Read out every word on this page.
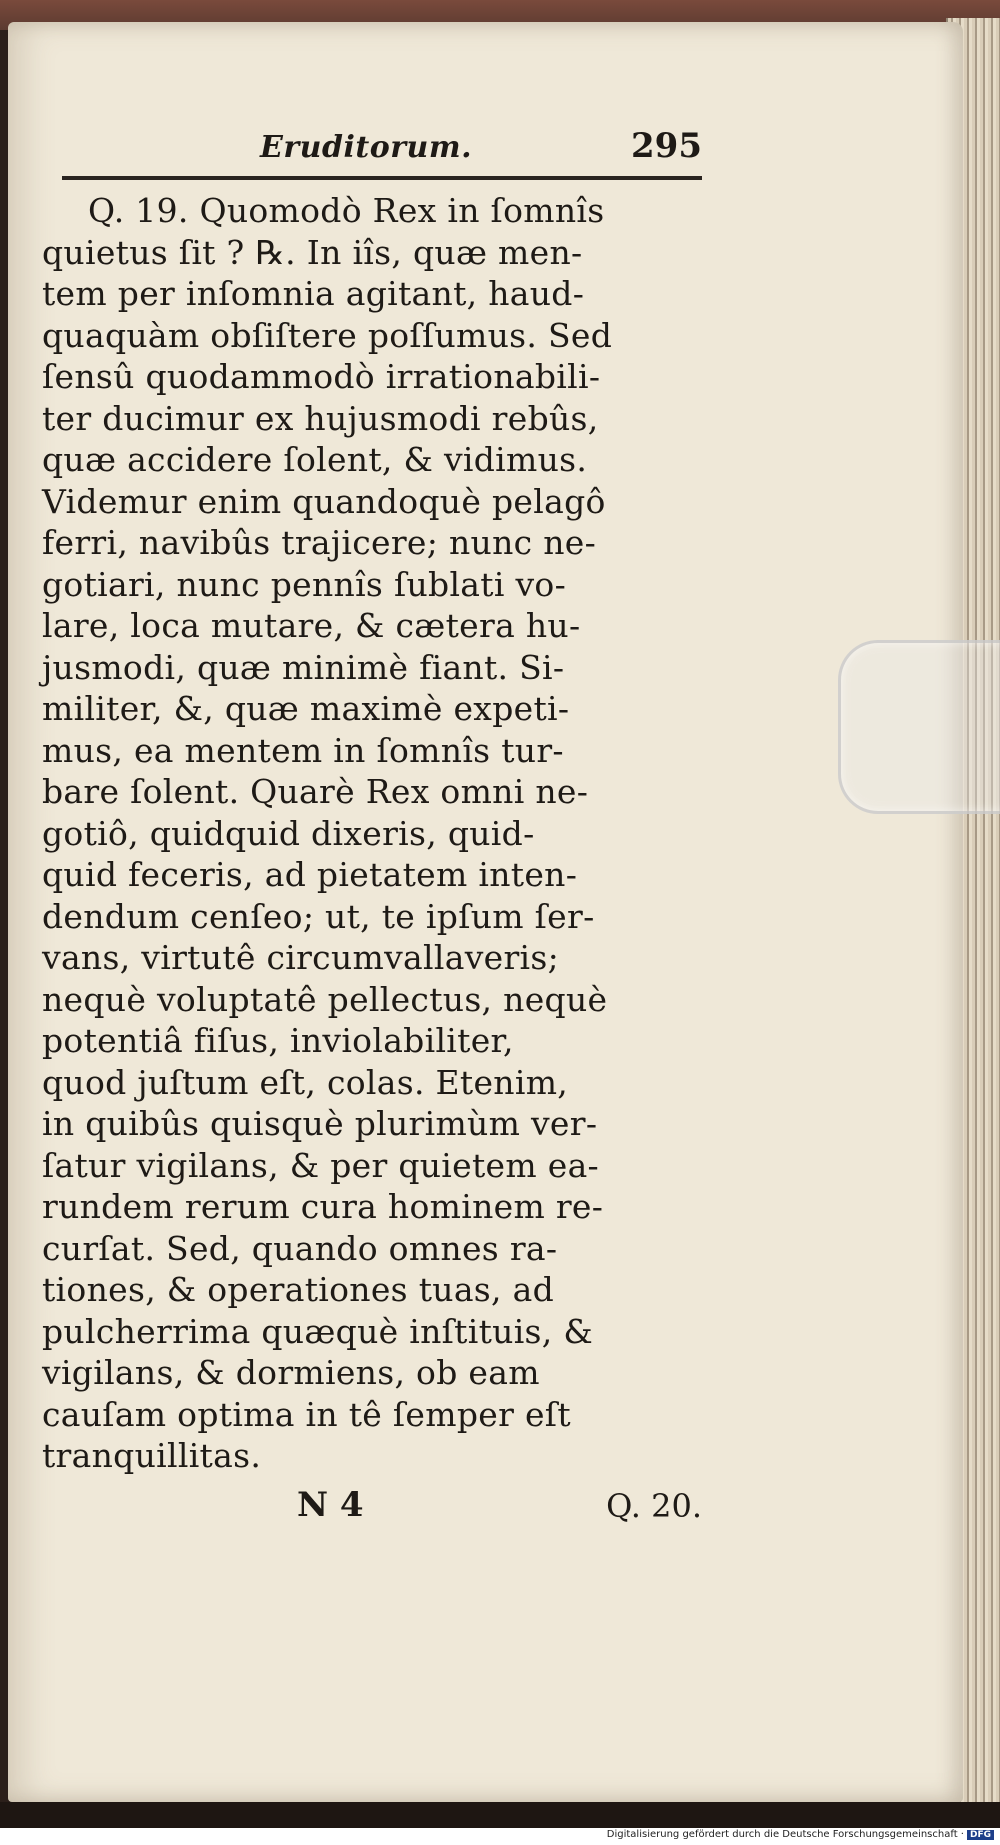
Eruditorum.	295
Q. 19. Quomodò Rex in ſomnîs
quietus ſit ? ℞. In iîs, quæ men-
tem per inſomnia agitant, haud-
quaquàm obſiſtere poſſumus. Sed
ſensû quodammodò irrationabili-
ter ducimur ex hujusmodi rebûs,
quæ accidere ſolent, & vidimus.
Videmur enim quandoquè pelagô
ferri, navibûs trajicere; nunc ne-
gotiari, nunc pennîs ſublati vo-
lare, loca mutare, & cætera hu-
jusmodi, quæ minimè fiant. Si-
militer, &, quæ maximè expeti-
mus, ea mentem in ſomnîs tur-
bare ſolent. Quarè Rex omni ne-
gotiô, quidquid dixeris, quid-
quid feceris, ad pietatem inten-
dendum cenſeo; ut, te ipſum ſer-
vans, virtutê circumvallaveris;
nequè voluptatê pellectus, nequè
potentiâ fiſus, inviolabiliter,
quod juſtum eſt, colas. Etenim,
in quibûs quisquè plurimùm ver-
ſatur vigilans, & per quietem ea-
rundem rerum cura hominem re-
curſat. Sed, quando omnes ra-
tiones, & operationes tuas, ad
pulcherrima quæquè inſtituis, &
vigilans, & dormiens, ob eam
cauſam optima in tê ſemper eſt
tranquillitas.
N 4	Q. 20.
Digitalisierung gefördert durch die Deutsche Forschungsgemeinschaft · DFG
